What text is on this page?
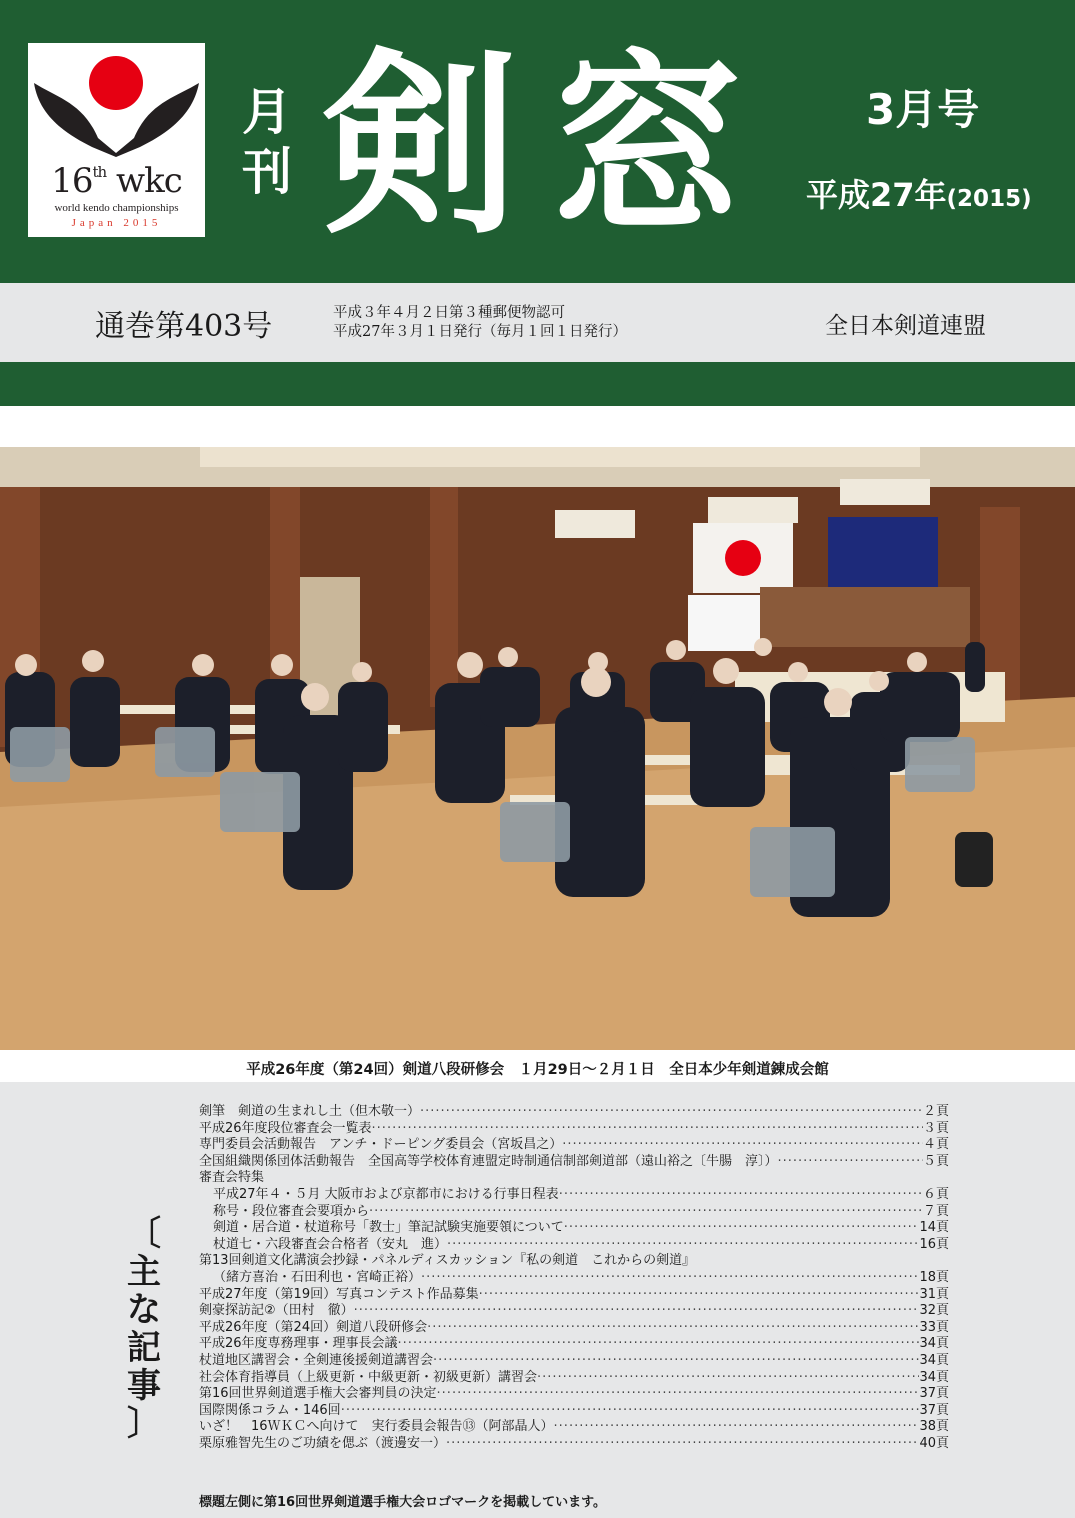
16th wkc
world kendo championships
Japan 2015
月
刊 剣 窓	3月号
平成27年(2015)
通巻第403号	平成３年４月２日第３種郵便物認可
平成27年３月１日発行（毎月１回１日発行）	全日本剣道連盟
平成26年度（第24回）剣道八段研修会　１月29日～２月１日　全日本少年剣道錬成会館
〔
主
な
記
事
〕
剣筆　剣道の生まれし土（但木敬一） ·····	２頁
平成26年度段位審査会一覧表 ·····	３頁
専門委員会活動報告　アンチ・ドーピング委員会（宮坂昌之） ·····	４頁
全国組織関係団体活動報告　全国高等学校体育連盟定時制通信制部剣道部（遠山裕之〔牛腸　淳〕） ·····	５頁
審査会特集
平成27年４・５月 大阪市および京都市における行事日程表 ·····	６頁
称号・段位審査会要項から ·····	７頁
剣道・居合道・杖道称号「教士」筆記試験実施要領について ·····	14頁
杖道七・六段審査会合格者（安丸　進） ·····	16頁
第13回剣道文化講演会抄録・パネルディスカッション『私の剣道　これからの剣道』
（緒方喜治・石田利也・宮崎正裕） ·····	18頁
平成27年度（第19回）写真コンテスト作品募集 ·····	31頁
剣豪探訪記②（田村　徹） ·····	32頁
平成26年度（第24回）剣道八段研修会 ·····	33頁
平成26年度専務理事・理事長会議 ·····	34頁
杖道地区講習会・全剣連後援剣道講習会 ·····	34頁
社会体育指導員（上級更新・中級更新・初級更新）講習会 ·····	34頁
第16回世界剣道選手権大会審判員の決定 ·····	37頁
国際関係コラム・146回 ·····	37頁
いざ！　16ＷＫＣへ向けて　実行委員会報告⑬（阿部晶人） ·····	38頁
栗原雅智先生のご功績を偲ぶ（渡邊安一） ·····	40頁
標題左側に第16回世界剣道選手権大会ロゴマークを掲載しています。
